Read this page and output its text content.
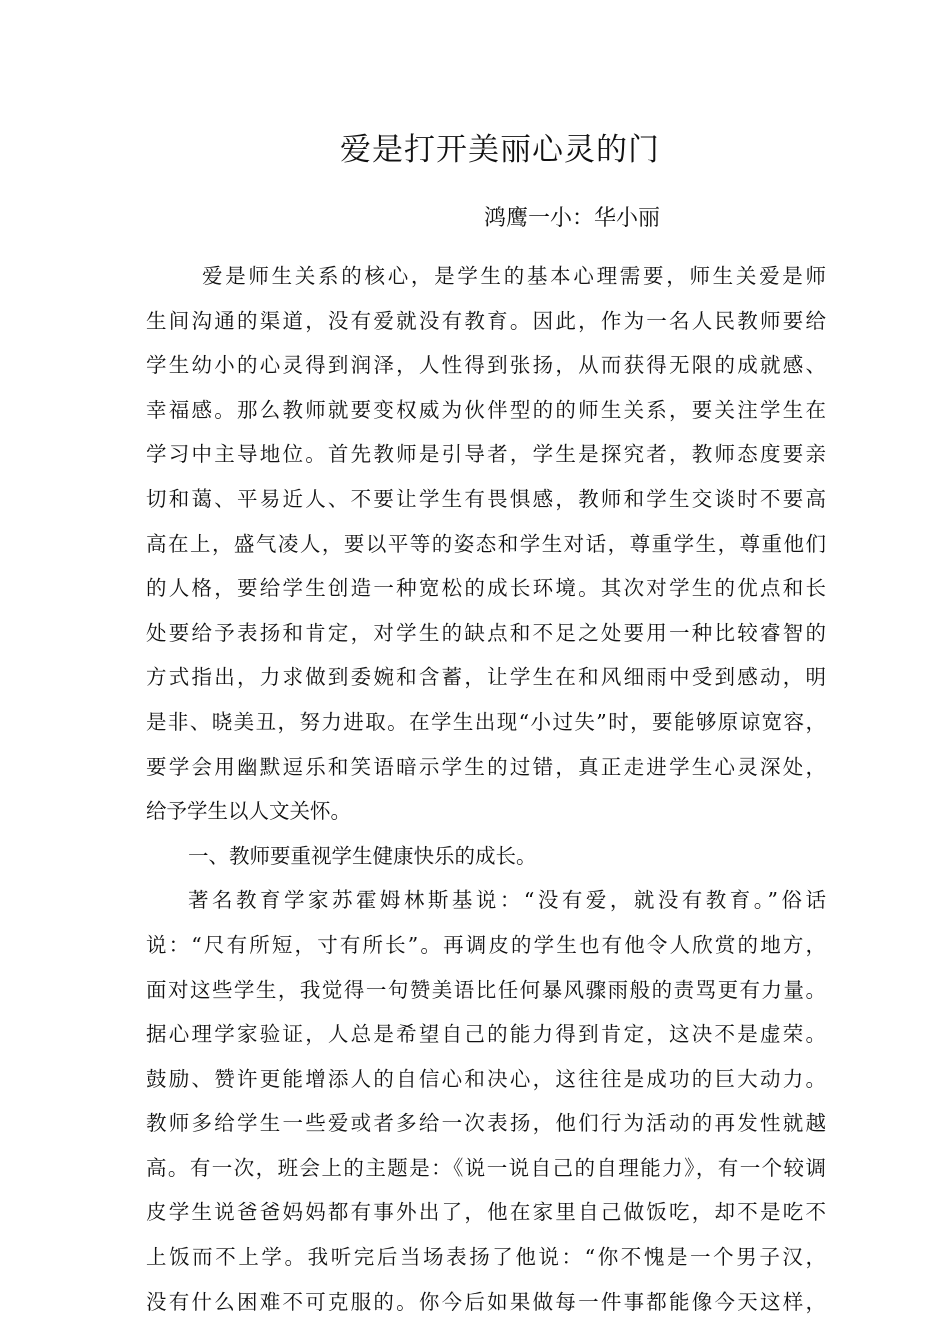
爱是打开美丽心灵的门
鸿鹰一小：华小丽
爱是师生关系的核心，是学生的基本心理需要，师生关爱是师
生间沟通的渠道，没有爱就没有教育。因此，作为一名人民教师要给
学生幼小的心灵得到润泽，人性得到张扬，从而获得无限的成就感、
幸福感。那么教师就要变权威为伙伴型的的师生关系，要关注学生在
学习中主导地位。首先教师是引导者，学生是探究者，教师态度要亲
切和蔼、平易近人、不要让学生有畏惧感，教师和学生交谈时不要高
高在上，盛气凌人，要以平等的姿态和学生对话，尊重学生，尊重他们
的人格，要给学生创造一种宽松的成长环境。其次对学生的优点和长
处要给予表扬和肯定，对学生的缺点和不足之处要用一种比较睿智的
方式指出，力求做到委婉和含蓄，让学生在和风细雨中受到感动，明
是非、晓美丑，努力进取。在学生出现“小过失”时，要能够原谅宽容，
要学会用幽默逗乐和笑语暗示学生的过错，真正走进学生心灵深处，
给予学生以人文关怀。
一、教师要重视学生健康快乐的成长。
著名教育学家苏霍姆林斯基说：“没有爱，就没有教育。”俗话
说：“尺有所短，寸有所长”。再调皮的学生也有他令人欣赏的地方，
面对这些学生，我觉得一句赞美语比任何暴风骤雨般的责骂更有力量。
据心理学家验证，人总是希望自己的能力得到肯定，这决不是虚荣。
鼓励、赞许更能增添人的自信心和决心，这往往是成功的巨大动力。
教师多给学生一些爱或者多给一次表扬，他们行为活动的再发性就越
高。有一次，班会上的主题是：《说一说自己的自理能力》，有一个较调
皮学生说爸爸妈妈都有事外出了，他在家里自己做饭吃，却不是吃不
上饭而不上学。我听完后当场表扬了他说：“你不愧是一个男子汉，
没有什么困难不可克服的。你今后如果做每一件事都能像今天这样，
